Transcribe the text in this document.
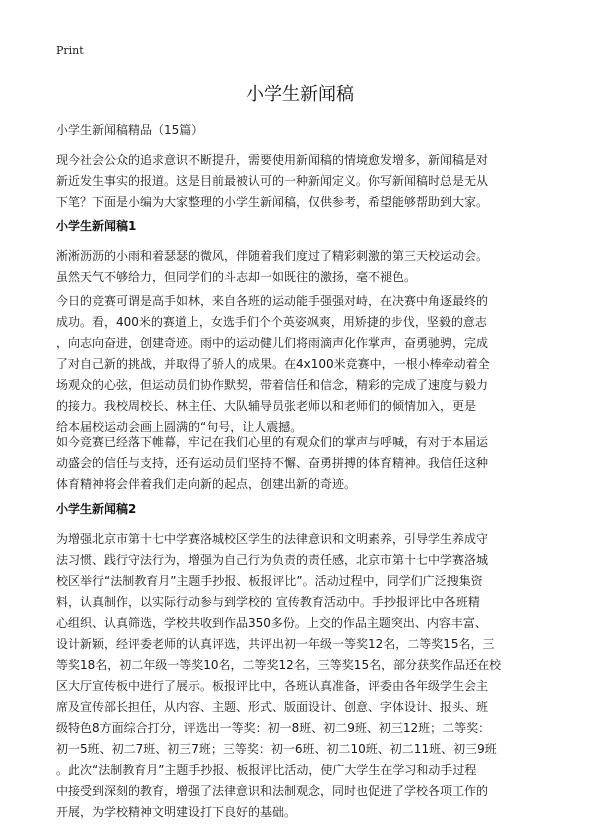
Print
小学生新闻稿
小学生新闻稿精品（15篇）

现今社会公众的追求意识不断提升，需要使用新闻稿的情境愈发增多，新闻稿是对
新近发生事实的报道。这是目前最被认可的一种新闻定义。你写新闻稿时总是无从
下笔？下面是小编为大家整理的小学生新闻稿，仅供参考，希望能够帮助到大家。

小学生新闻稿1

淅淅沥沥的小雨和着瑟瑟的微风，伴随着我们度过了精彩刺激的第三天校运动会。
虽然天气不够给力，但同学们的斗志却一如既往的激扬，毫不褪色。

今日的竞赛可谓是高手如林，来自各班的运动能手强强对峙，在决赛中角逐最终的
成功。看，400米的赛道上，女选手们个个英姿飒爽，用矫捷的步伐，坚毅的意志
，向志向奋进，创建奇迹。雨中的运动健儿们将雨滴声化作掌声，奋勇驰骋，完成
了对自己新的挑战，并取得了骄人的成果。在4x100米竞赛中，一根小棒牵动着全
场观众的心弦，但运动员们协作默契，带着信任和信念，精彩的完成了速度与毅力
的接力。我校周校长、林主任、大队辅导员张老师以和老师们的倾情加入，更是
给本届校运动会画上圆满的“句号，让人震撼。

如今竞赛已经落下帷幕，牢记在我们心里的有观众们的掌声与呼喊，有对于本届运
动盛会的信任与支持，还有运动员们坚持不懈、奋勇拼搏的体育精神。我信任这种
体育精神将会伴着我们走向新的起点，创建出新的奇迹。

小学生新闻稿2

为增强北京市第十七中学赛洛城校区学生的法律意识和文明素养，引导学生养成守
法习惯、践行守法行为，增强为自己行为负责的责任感，北京市第十七中学赛洛城
校区举行“法制教育月”主题手抄报、板报评比”。活动过程中，同学们广泛搜集资
料，认真制作，以实际行动参与到学校的 宣传教育活动中。手抄报评比中各班精
心组织、认真筛选，学校共收到作品350多份。上交的作品主题突出、内容丰富、
设计新颖，经评委老师的认真评选，共评出初一年级一等奖12名，二等奖15名，三
等奖18名，初二年级一等奖10名，二等奖12名，三等奖15名，部分获奖作品还在校
区大厅宣传板中进行了展示。板报评比中，各班认真准备，评委由各年级学生会主
席及宣传部长担任，从内容、主题、形式、版面设计、创意、字体设计、报头、班
级特色8方面综合打分，评选出一等奖：初一8班、初二9班、初三12班；二等奖：
初一5班、初二7班、初三7班；三等奖：初一6班、初二10班、初二11班、初三9班
。此次“法制教育月”主题手抄报、板报评比活动，使广大学生在学习和动手过程
中接受到深刻的教育，增强了法律意识和法制观念，同时也促进了学校各项工作的
开展，为学校精神文明建设打下良好的基础。
